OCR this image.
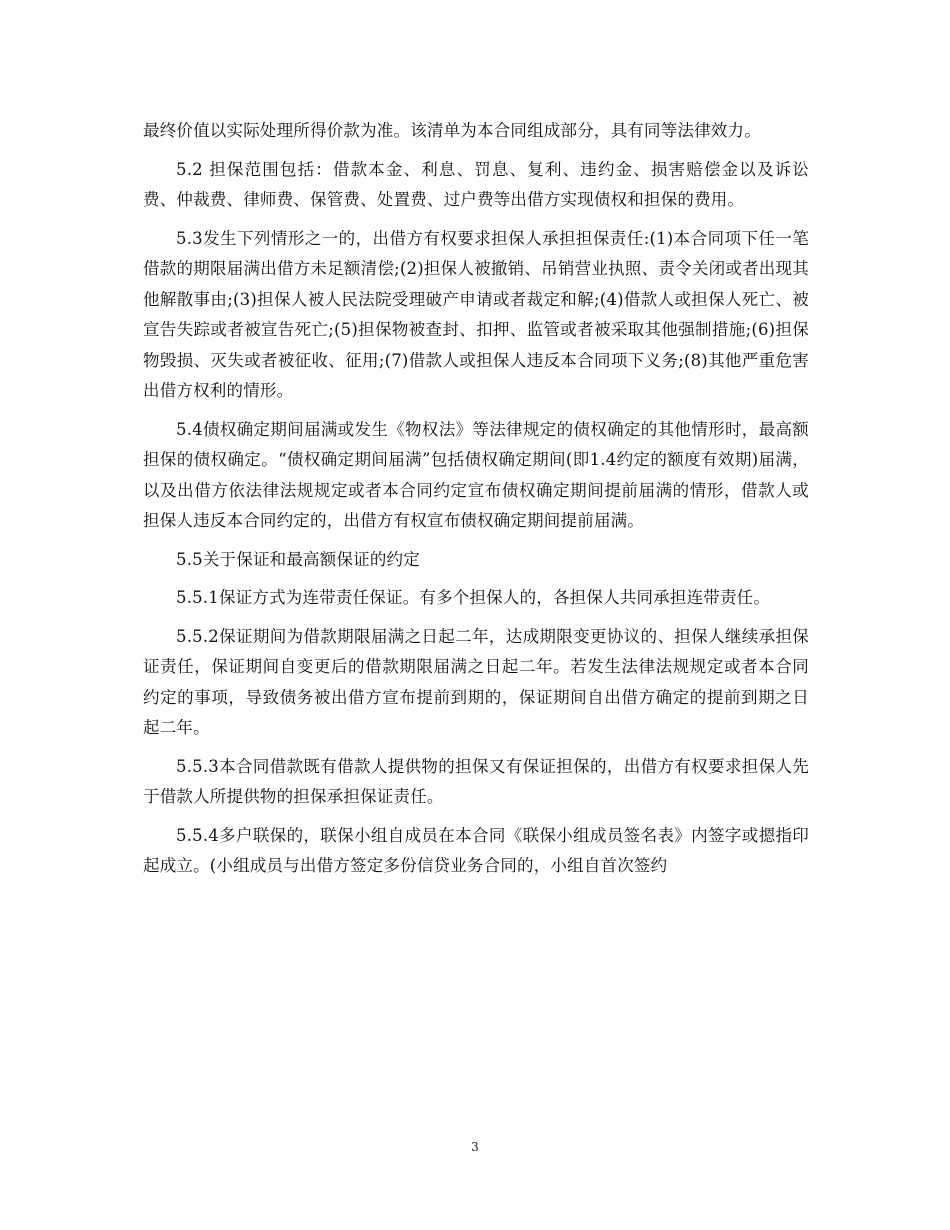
最终价值以实际处理所得价款为准。该清单为本合同组成部分，具有同等法律效力。

5.2 担保范围包括：借款本金、利息、罚息、复利、违约金、损害赔偿金以及诉讼费、仲裁费、律师费、保管费、处置费、过户费等出借方实现债权和担保的费用。

5.3发生下列情形之一的，出借方有权要求担保人承担担保责任:(1)本合同项下任一笔借款的期限届满出借方未足额清偿;(2)担保人被撤销、吊销营业执照、责令关闭或者出现其他解散事由;(3)担保人被人民法院受理破产申请或者裁定和解;(4)借款人或担保人死亡、被宣告失踪或者被宣告死亡;(5)担保物被查封、扣押、监管或者被采取其他强制措施;(6)担保物毁损、灭失或者被征收、征用;(7)借款人或担保人违反本合同项下义务;(8)其他严重危害出借方权利的情形。

5.4债权确定期间届满或发生《物权法》等法律规定的债权确定的其他情形时，最高额担保的债权确定。“债权确定期间届满”包括债权确定期间(即1.4约定的额度有效期)届满，以及出借方依法律法规规定或者本合同约定宣布债权确定期间提前届满的情形，借款人或担保人违反本合同约定的，出借方有权宣布债权确定期间提前届满。

5.5关于保证和最高额保证的约定

5.5.1保证方式为连带责任保证。有多个担保人的，各担保人共同承担连带责任。

5.5.2保证期间为借款期限届满之日起二年，达成期限变更协议的、担保人继续承担保证责任，保证期间自变更后的借款期限届满之日起二年。若发生法律法规规定或者本合同约定的事项，导致债务被出借方宣布提前到期的，保证期间自出借方确定的提前到期之日起二年。

5.5.3本合同借款既有借款人提供物的担保又有保证担保的，出借方有权要求担保人先于借款人所提供物的担保承担保证责任。

5.5.4多户联保的，联保小组自成员在本合同《联保小组成员签名表》内签字或摁指印起成立。(小组成员与出借方签定多份信贷业务合同的，小组自首次签约

3
